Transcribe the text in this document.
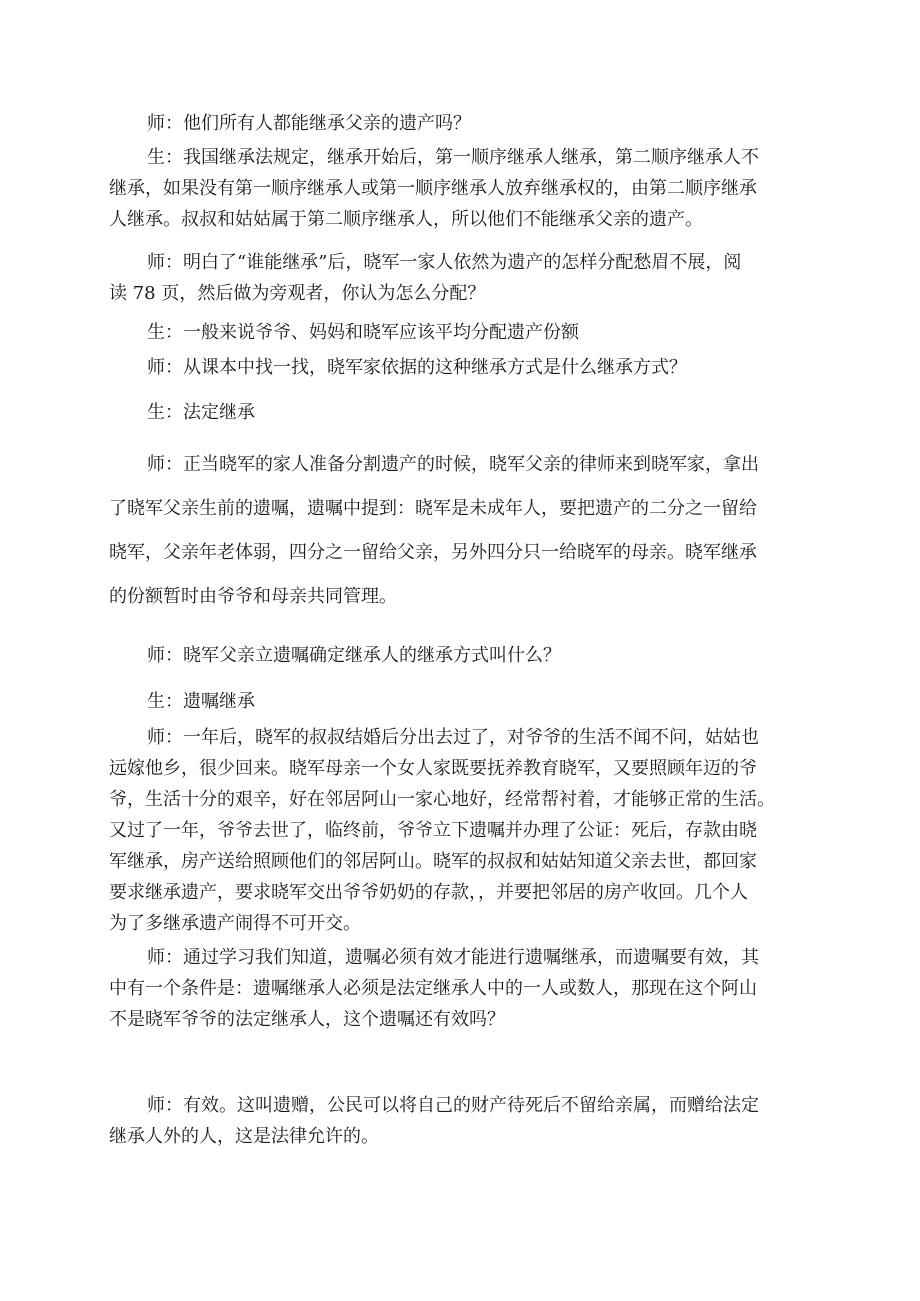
师：他们所有人都能继承父亲的遗产吗？
生：我国继承法规定，继承开始后，第一顺序继承人继承，第二顺序继承人不
继承，如果没有第一顺序继承人或第一顺序继承人放弃继承权的，由第二顺序继承
人继承。叔叔和姑姑属于第二顺序继承人，所以他们不能继承父亲的遗产。
师：明白了“谁能继承”后，晓军一家人依然为遗产的怎样分配愁眉不展，阅
读 78 页，然后做为旁观者，你认为怎么分配？
生：一般来说爷爷、妈妈和晓军应该平均分配遗产份额
师：从课本中找一找，晓军家依据的这种继承方式是什么继承方式？
生：法定继承
师：正当晓军的家人准备分割遗产的时候，晓军父亲的律师来到晓军家，拿出
了晓军父亲生前的遗嘱，遗嘱中提到：晓军是未成年人，要把遗产的二分之一留给
晓军，父亲年老体弱，四分之一留给父亲，另外四分只一给晓军的母亲。晓军继承
的份额暂时由爷爷和母亲共同管理。
师：晓军父亲立遗嘱确定继承人的继承方式叫什么？
生：遗嘱继承
师：一年后，晓军的叔叔结婚后分出去过了，对爷爷的生活不闻不问，姑姑也
远嫁他乡，很少回来。晓军母亲一个女人家既要抚养教育晓军，又要照顾年迈的爷
爷，生活十分的艰辛，好在邻居阿山一家心地好，经常帮衬着，才能够正常的生活。
又过了一年，爷爷去世了，临终前，爷爷立下遗嘱并办理了公证：死后，存款由晓
军继承，房产送给照顾他们的邻居阿山。晓军的叔叔和姑姑知道父亲去世，都回家
要求继承遗产，要求晓军交出爷爷奶奶的存款，，并要把邻居的房产收回。几个人
为了多继承遗产闹得不可开交。
师：通过学习我们知道，遗嘱必须有效才能进行遗嘱继承，而遗嘱要有效，其
中有一个条件是：遗嘱继承人必须是法定继承人中的一人或数人，那现在这个阿山
不是晓军爷爷的法定继承人，这个遗嘱还有效吗？
师：有效。这叫遗赠，公民可以将自己的财产待死后不留给亲属，而赠给法定
继承人外的人，这是法律允许的。
